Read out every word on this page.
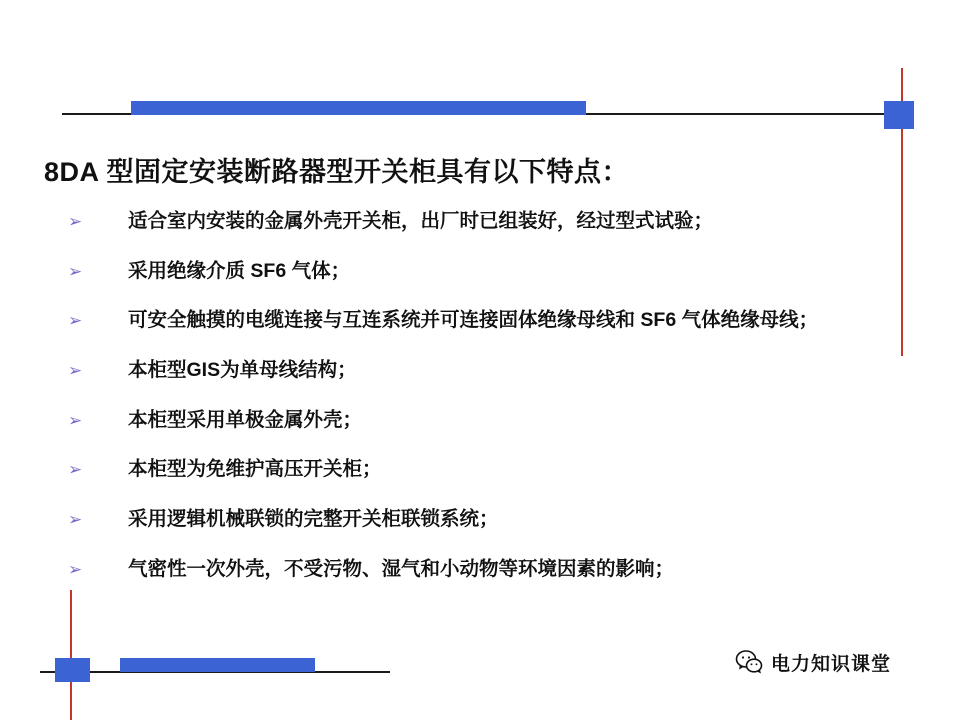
8DA 型固定安装断路器型开关柜具有以下特点：
➢	适合室内安装的金属外壳开关柜，出厂时已组装好，经过型式试验；
➢	采用绝缘介质 SF6 气体；
➢	可安全触摸的电缆连接与互连系统并可连接固体绝缘母线和 SF6 气体绝缘母线；
➢	本柜型GIS为单母线结构；
➢	本柜型采用单极金属外壳；
➢	本柜型为免维护高压开关柜；
➢	采用逻辑机械联锁的完整开关柜联锁系统；
➢	气密性一次外壳，不受污物、湿气和小动物等环境因素的影响；
电力知识课堂
